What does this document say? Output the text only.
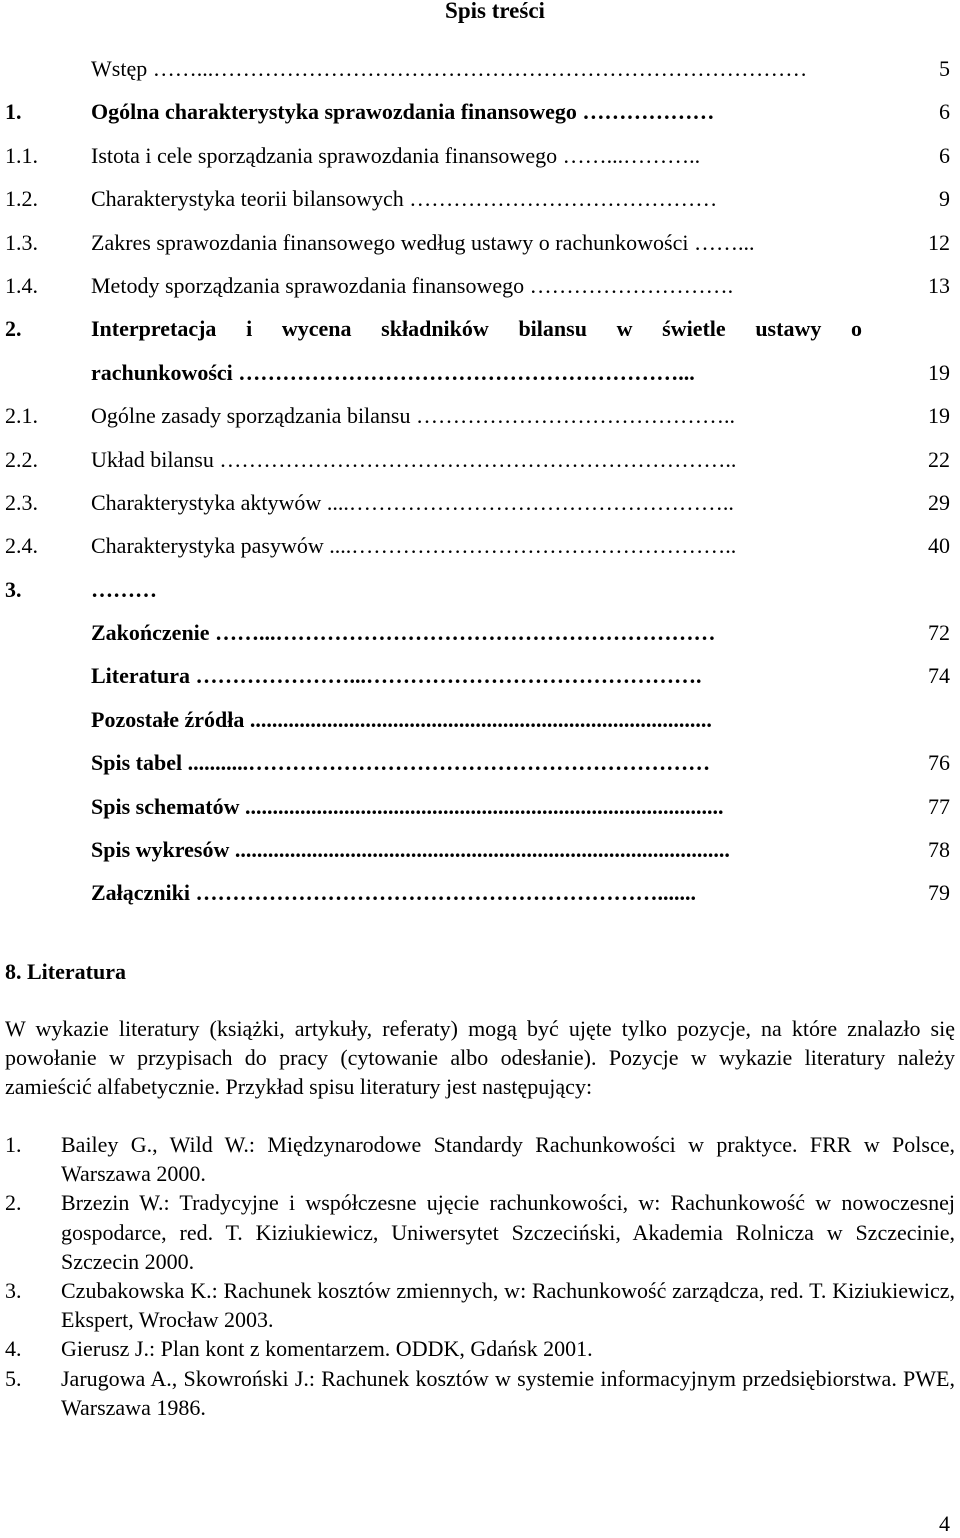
Spis treści
Wstęp ……...………………………………………………………………………	5
1.	Ogólna charakterystyka sprawozdania finansowego ………………	6
1.1. Istota i cele sporządzania sprawozdania finansowego ……...………..	6
1.2. Charakterystyka teorii bilansowych ……………………………………	9
1.3. Zakres sprawozdania finansowego według ustawy o rachunkowości ……...	12
1.4. Metody sporządzania sprawozdania finansowego ……………………….	13
2.	Interpretacja i wycena składników bilansu w świetle ustawy o
rachunkowości ……………………………………………………...	19
2.1. Ogólne zasady sporządzania bilansu ……………………………………..	19
2.2. Układ bilansu ……………………………………………………………..	22
2.3. Charakterystyka aktywów ....……………………………………………..	29
2.4. Charakterystyka pasywów ....……………………………………………..	40
3.	………
Zakończenie ……...……………………………………………………	72
Literatura …………………...……………………………………….	74
Pozostałe źródła ....................................................................................
Spis tabel ...........………………………………………………………	76
Spis schematów .......................................................................................	77
Spis wykresów ..........................................................................................	78
Załączniki ……………………………………………………….......	79
8. Literatura
W wykazie literatury (książki, artykuły, referaty) mogą być ujęte tylko pozycje, na które znalazło się powołanie w przypisach do pracy (cytowanie albo odesłanie). Pozycje w wykazie literatury należy zamieścić alfabetycznie. Przykład spisu literatury jest następujący:
1. Bailey G., Wild W.: Międzynarodowe Standardy Rachunkowości w praktyce. FRR w Polsce, Warszawa 2000.
2. Brzezin W.: Tradycyjne i współczesne ujęcie rachunkowości, w: Rachunkowość w nowoczesnej gospodarce, red. T. Kiziukiewicz, Uniwersytet Szczeciński, Akademia Rolnicza w Szczecinie, Szczecin 2000.
3. Czubakowska K.: Rachunek kosztów zmiennych, w: Rachunkowość zarządcza, red. T. Kiziukiewicz, Ekspert, Wrocław 2003.
4. Gierusz J.: Plan kont z komentarzem. ODDK, Gdańsk 2001.
5. Jarugowa A., Skowroński J.: Rachunek kosztów w systemie informacyjnym przedsiębiorstwa. PWE, Warszawa 1986.
4
